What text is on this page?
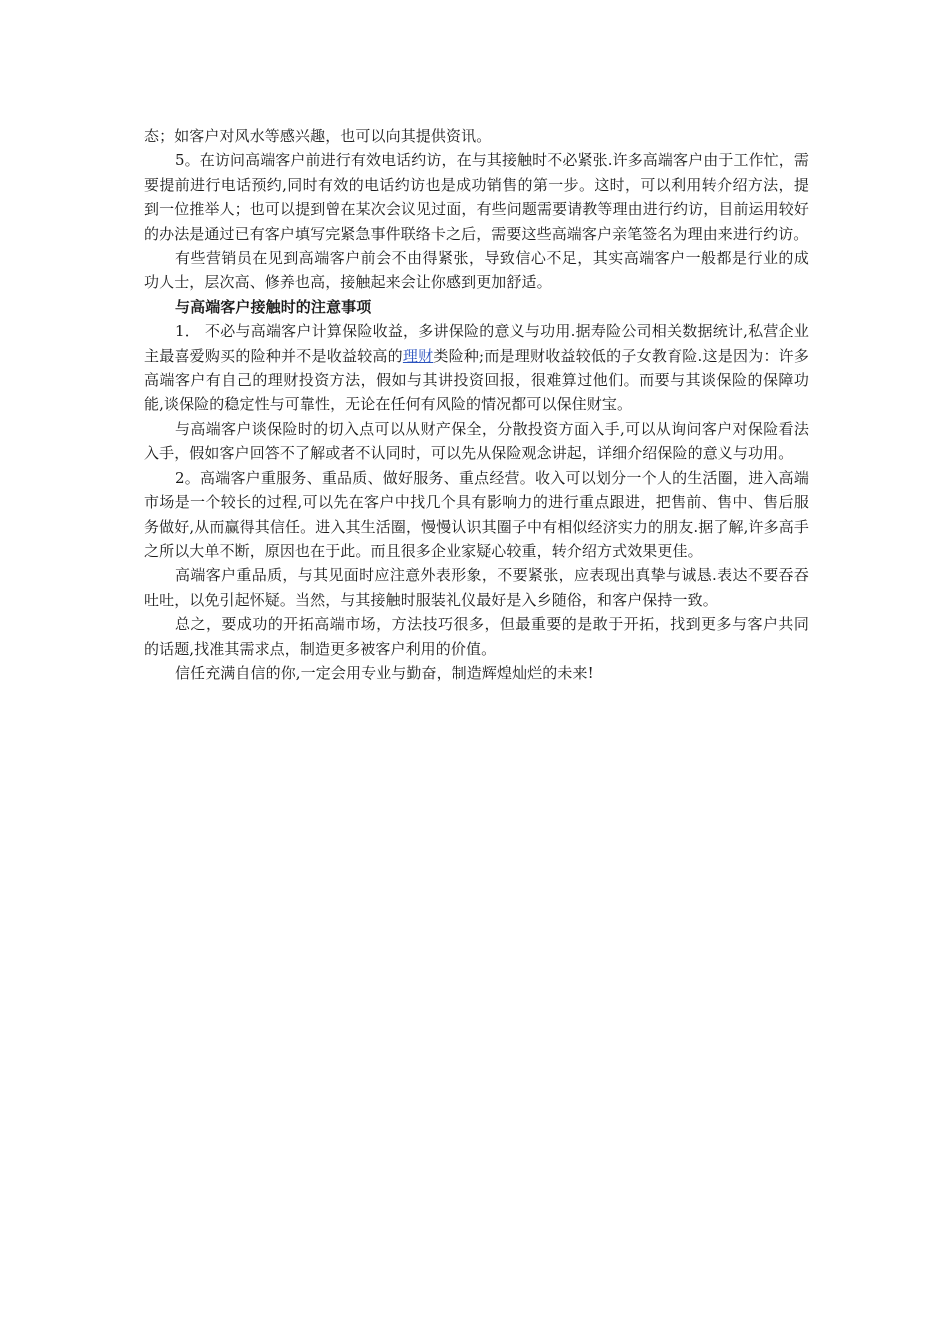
态；如客户对风水等感兴趣，也可以向其提供资讯。

5。在访问高端客户前进行有效电话约访，在与其接触时不必紧张.许多高端客户由于工作忙，需要提前进行电话预约,同时有效的电话约访也是成功销售的第一步。这时，可以利用转介绍方法，提到一位推举人；也可以提到曾在某次会议见过面，有些问题需要请教等理由进行约访，目前运用较好的办法是通过已有客户填写完紧急事件联络卡之后，需要这些高端客户亲笔签名为理由来进行约访。

有些营销员在见到高端客户前会不由得紧张，导致信心不足，其实高端客户一般都是行业的成功人士，层次高、修养也高，接触起来会让你感到更加舒适。

与高端客户接触时的注意事项

1． 不必与高端客户计算保险收益，多讲保险的意义与功用.据寿险公司相关数据统计,私营企业主最喜爱购买的险种并不是收益较高的理财类险种;而是理财收益较低的子女教育险.这是因为：许多高端客户有自己的理财投资方法，假如与其讲投资回报，很难算过他们。而要与其谈保险的保障功能,谈保险的稳定性与可靠性，无论在任何有风险的情况都可以保住财宝。

与高端客户谈保险时的切入点可以从财产保全，分散投资方面入手,可以从询问客户对保险看法入手，假如客户回答不了解或者不认同时，可以先从保险观念讲起，详细介绍保险的意义与功用。

2。高端客户重服务、重品质、做好服务、重点经营。收入可以划分一个人的生活圈，进入高端市场是一个较长的过程,可以先在客户中找几个具有影响力的进行重点跟进，把售前、售中、售后服务做好,从而赢得其信任。进入其生活圈，慢慢认识其圈子中有相似经济实力的朋友.据了解,许多高手之所以大单不断，原因也在于此。而且很多企业家疑心较重，转介绍方式效果更佳。

高端客户重品质，与其见面时应注意外表形象，不要紧张，应表现出真挚与诚恳.表达不要吞吞吐吐，以免引起怀疑。当然，与其接触时服装礼仪最好是入乡随俗，和客户保持一致。

总之，要成功的开拓高端市场，方法技巧很多，但最重要的是敢于开拓，找到更多与客户共同的话题,找准其需求点，制造更多被客户利用的价值。

信任充满自信的你,一定会用专业与勤奋，制造辉煌灿烂的未来!
